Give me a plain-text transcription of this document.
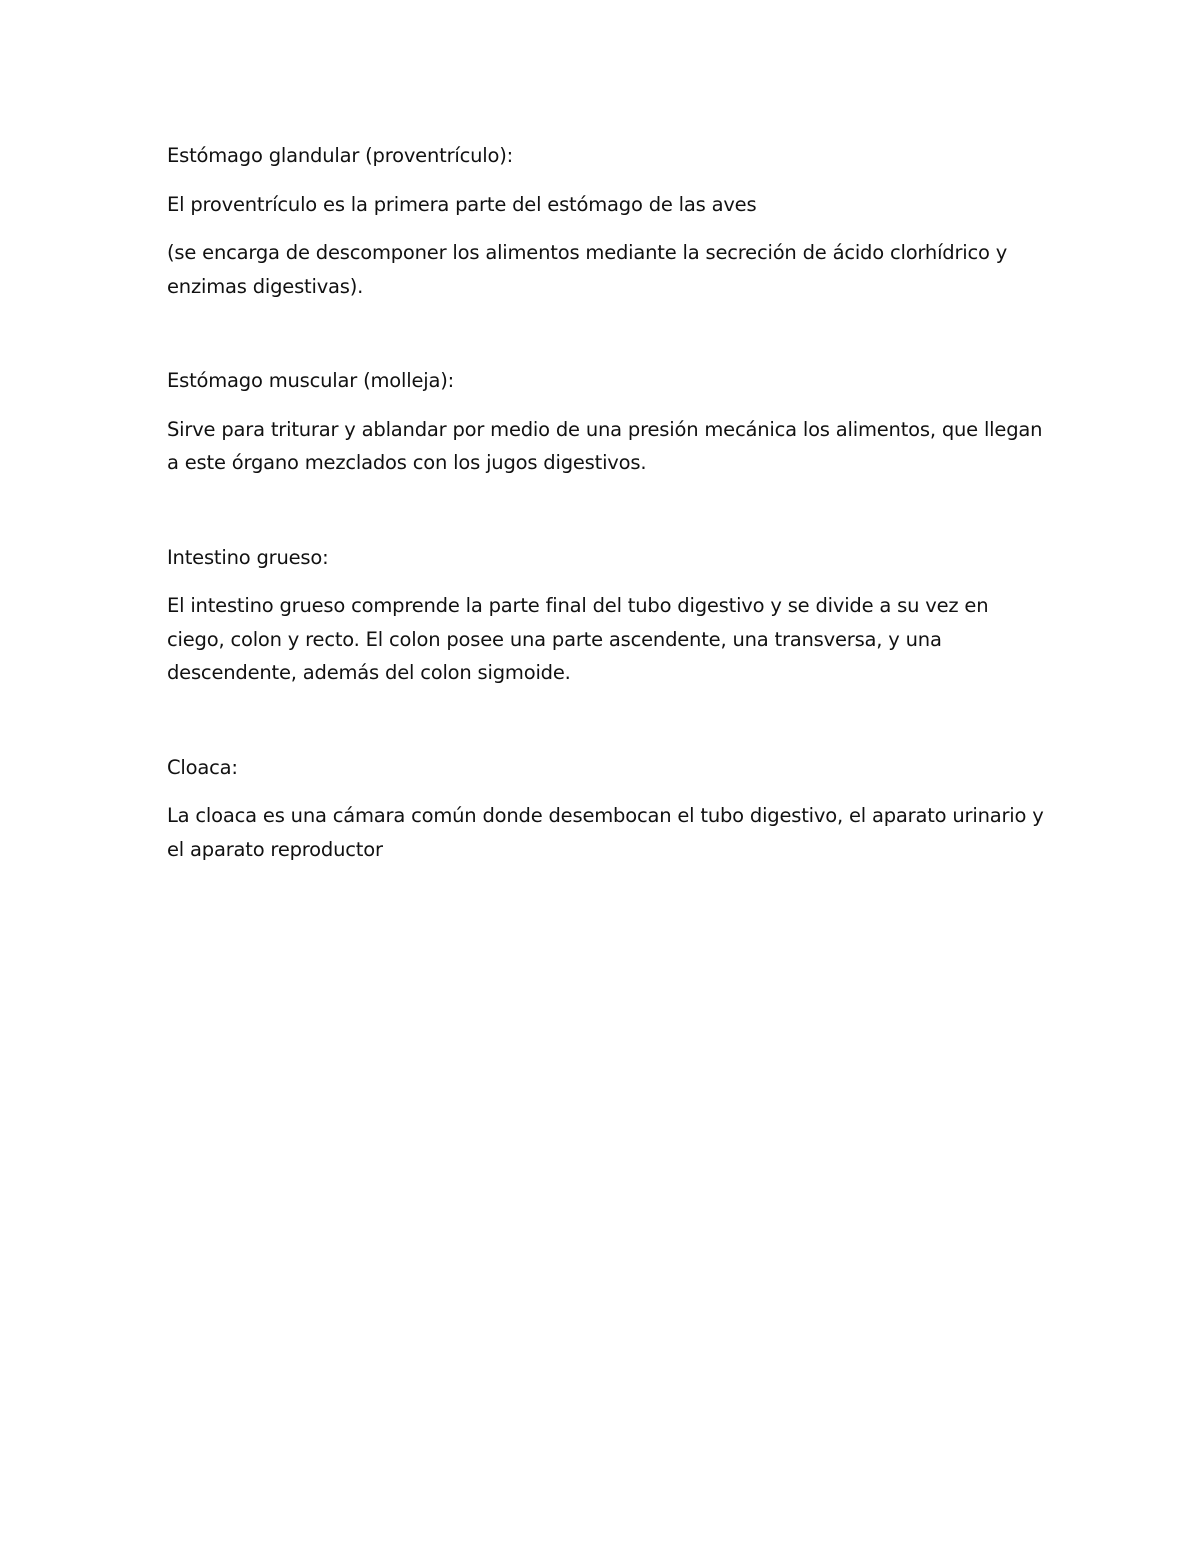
Estómago glandular (proventrículo):

El proventrículo es la primera parte del estómago de las aves

(se encarga de descomponer los alimentos mediante la secreción de ácido clorhídrico y enzimas digestivas).

Estómago muscular (molleja):

Sirve para triturar y ablandar por medio de una presión mecánica los alimentos, que llegan a este órgano mezclados con los jugos digestivos.

Intestino grueso:

El intestino grueso comprende la parte final del tubo digestivo y se divide a su vez en ciego, colon y recto. El colon posee una parte ascendente, una transversa, y una descendente, además del colon sigmoide.

Cloaca:

La cloaca es una cámara común donde desembocan el tubo digestivo, el aparato urinario y el aparato reproductor
